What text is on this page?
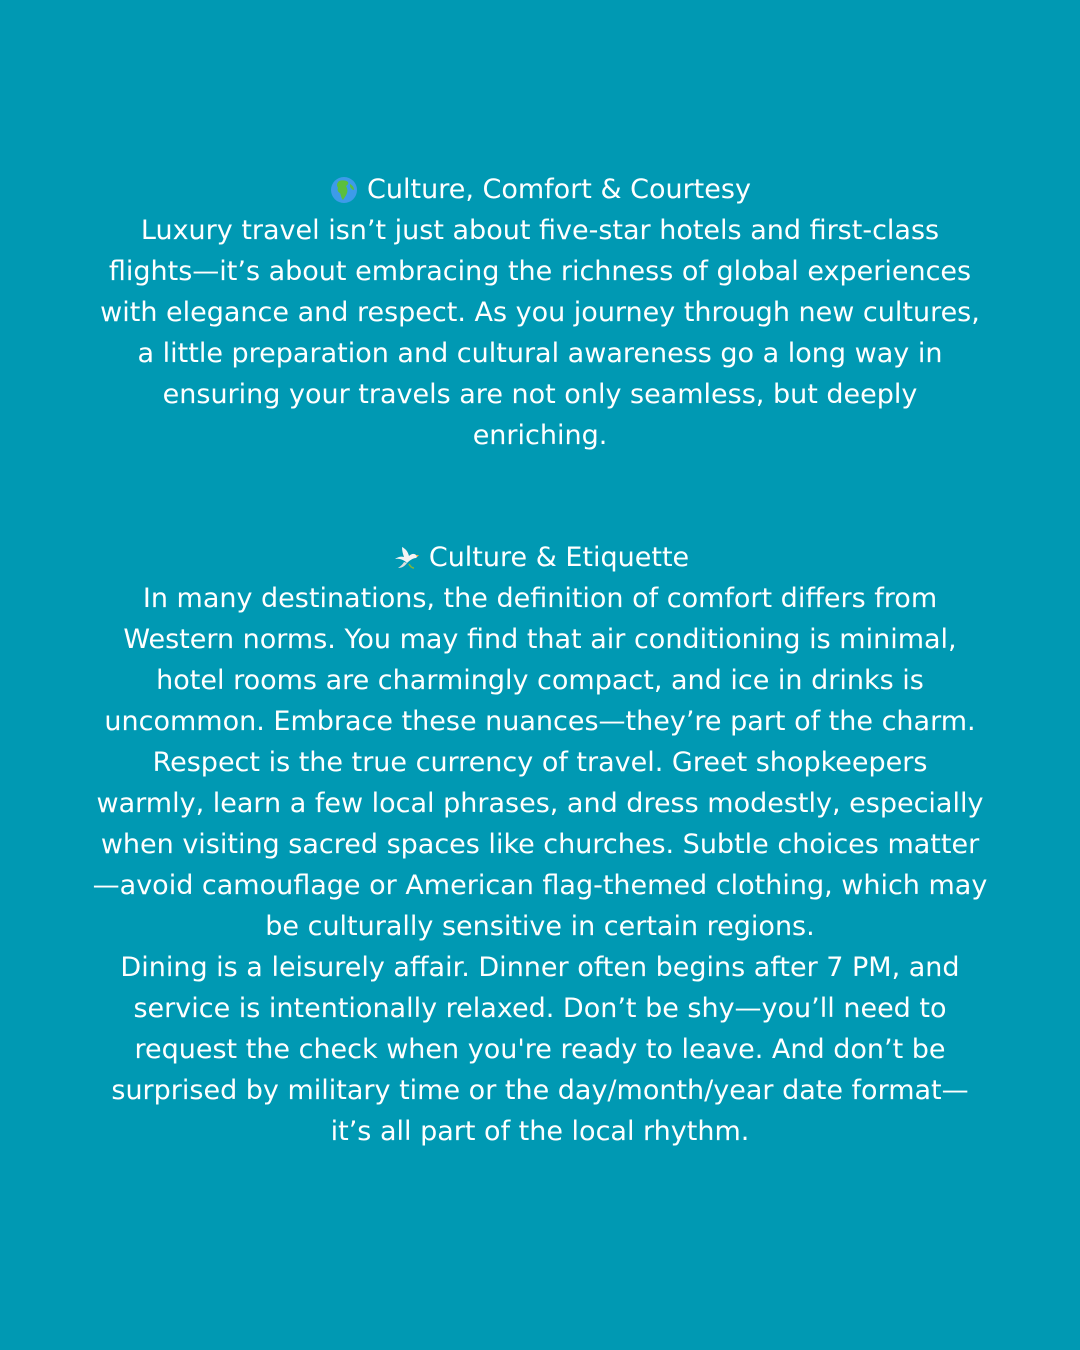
Culture, Comfort & Courtesy
Luxury travel isn’t just about five-star hotels and first-class
flights—it’s about embracing the richness of global experiences
with elegance and respect. As you journey through new cultures,
a little preparation and cultural awareness go a long way in
ensuring your travels are not only seamless, but deeply
enriching.
Culture & Etiquette
In many destinations, the definition of comfort differs from
Western norms. You may find that air conditioning is minimal,
hotel rooms are charmingly compact, and ice in drinks is
uncommon. Embrace these nuances—they’re part of the charm.
Respect is the true currency of travel. Greet shopkeepers
warmly, learn a few local phrases, and dress modestly, especially
when visiting sacred spaces like churches. Subtle choices matter
—avoid camouflage or American flag-themed clothing, which may
be culturally sensitive in certain regions.
Dining is a leisurely affair. Dinner often begins after 7 PM, and
service is intentionally relaxed. Don’t be shy—you’ll need to
request the check when you're ready to leave. And don’t be
surprised by military time or the day/month/year date format—
it’s all part of the local rhythm.
